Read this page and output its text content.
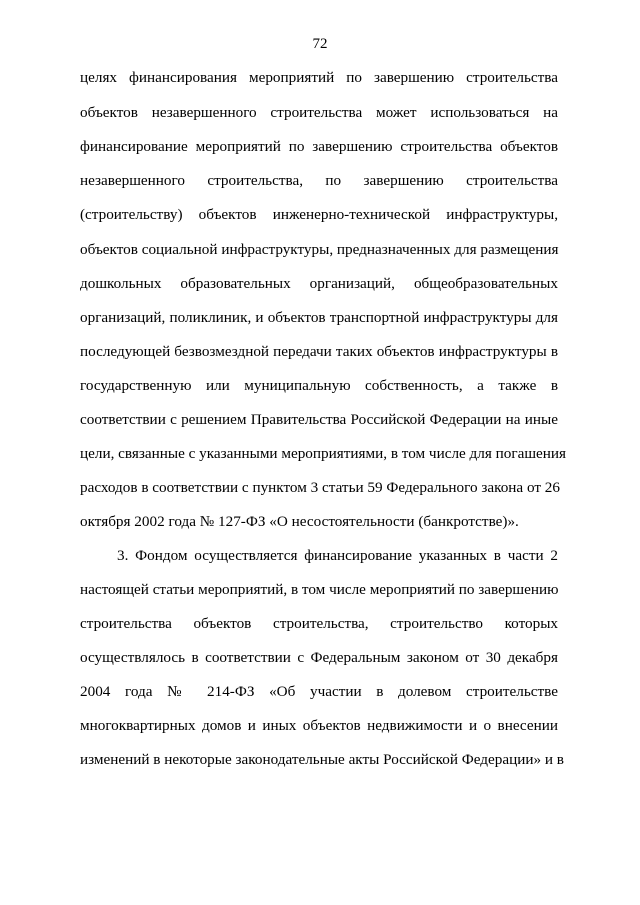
72
целях финансирования мероприятий по завершению строительства
объектов незавершенного строительства может использоваться на
финансирование мероприятий по завершению строительства объектов
незавершенного строительства, по завершению строительства
(строительству) объектов инженерно-технической инфраструктуры,
объектов социальной инфраструктуры, предназначенных для размещения
дошкольных образовательных организаций, общеобразовательных
организаций, поликлиник, и объектов транспортной инфраструктуры для
последующей безвозмездной передачи таких объектов инфраструктуры в
государственную или муниципальную собственность, а также в
соответствии с решением Правительства Российской Федерации на иные
цели, связанные с указанными мероприятиями, в том числе для погашения
расходов в соответствии с пунктом 3 статьи 59 Федерального закона от 26
октября 2002 года № 127-ФЗ «О несостоятельности (банкротстве)».
3. Фондом осуществляется финансирование указанных в части 2
настоящей статьи мероприятий, в том числе мероприятий по завершению
строительства объектов строительства, строительство которых
осуществлялось в соответствии с Федеральным законом от 30 декабря
2004 года № 214-ФЗ «Об участии в долевом строительстве
многоквартирных домов и иных объектов недвижимости и о внесении
изменений в некоторые законодательные акты Российской Федерации» и в
